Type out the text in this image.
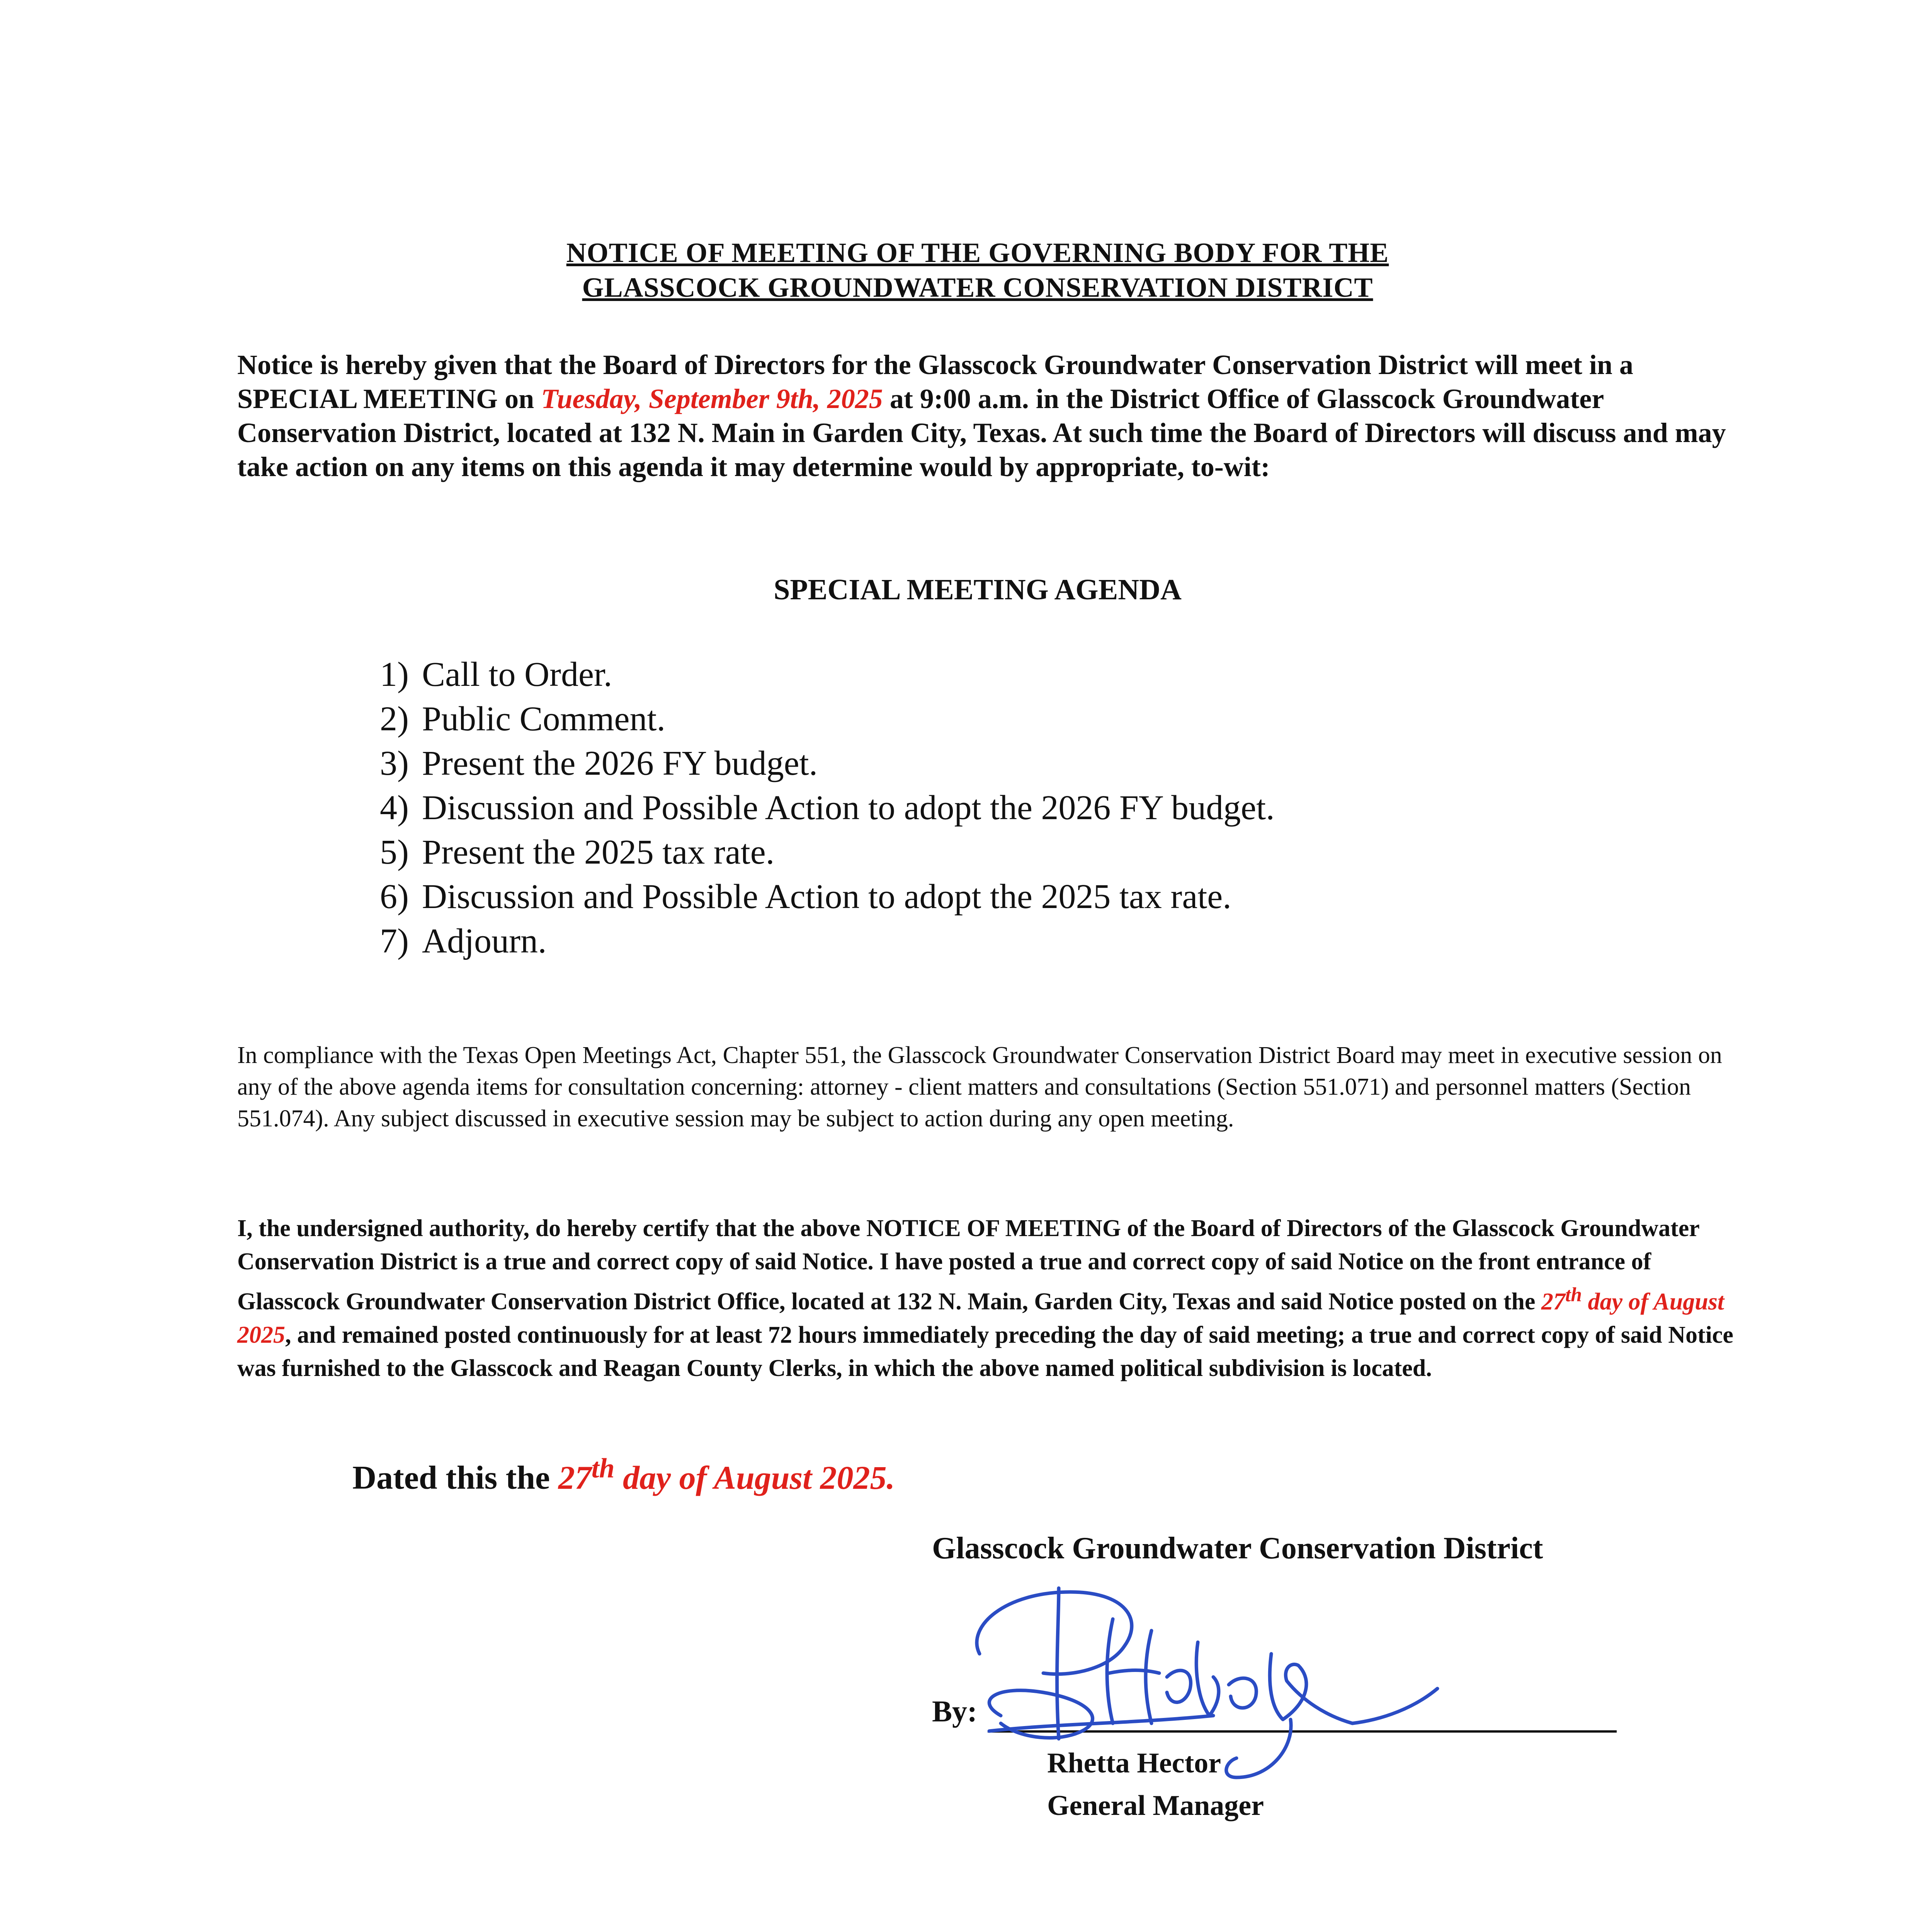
NOTICE OF MEETING OF THE GOVERNING BODY FOR THE
GLASSCOCK GROUNDWATER CONSERVATION DISTRICT
Notice is hereby given that the Board of Directors for the Glasscock Groundwater Conservation District will meet in a SPECIAL MEETING on Tuesday, September 9th, 2025 at 9:00 a.m. in the District Office of Glasscock Groundwater Conservation District, located at 132 N. Main in Garden City, Texas. At such time the Board of Directors will discuss and may take action on any items on this agenda it may determine would by appropriate, to-wit:
SPECIAL MEETING AGENDA
1) Call to Order.
2) Public Comment.
3) Present the 2026 FY budget.
4) Discussion and Possible Action to adopt the 2026 FY budget.
5) Present the 2025 tax rate.
6) Discussion and Possible Action to adopt the 2025 tax rate.
7) Adjourn.
In compliance with the Texas Open Meetings Act, Chapter 551, the Glasscock Groundwater Conservation District Board may meet in executive session on any of the above agenda items for consultation concerning: attorney - client matters and consultations (Section 551.071) and personnel matters (Section 551.074). Any subject discussed in executive session may be subject to action during any open meeting.
I, the undersigned authority, do hereby certify that the above NOTICE OF MEETING of the Board of Directors of the Glasscock Groundwater Conservation District is a true and correct copy of said Notice. I have posted a true and correct copy of said Notice on the front entrance of Glasscock Groundwater Conservation District Office, located at 132 N. Main, Garden City, Texas and said Notice posted on the 27th day of August 2025, and remained posted continuously for at least 72 hours immediately preceding the day of said meeting; a true and correct copy of said Notice was furnished to the Glasscock and Reagan County Clerks, in which the above named political subdivision is located.
Dated this the 27th day of August 2025.
Glasscock Groundwater Conservation District
By:
Rhetta Hector
General Manager
